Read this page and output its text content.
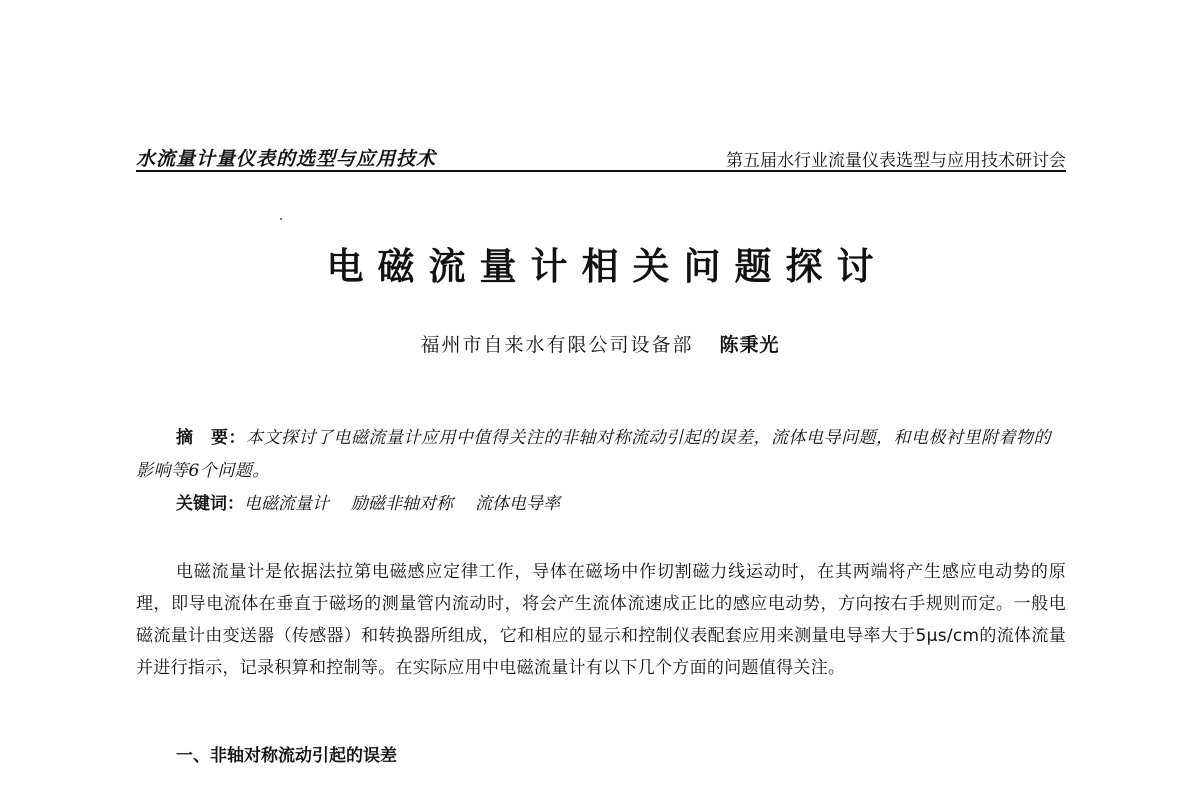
水流量计量仪表的选型与应用技术	第五届水行业流量仪表选型与应用技术研讨会
电磁流量计相关问题探讨
福州市自来水有限公司设备部 陈秉光
摘　要：本文探讨了电磁流量计应用中值得关注的非轴对称流动引起的误差，流体电导问题，和电极衬里附着物的影响等6个问题。
关键词：电磁流量计 励磁非轴对称 流体电导率
电磁流量计是依据法拉第电磁感应定律工作，导体在磁场中作切割磁力线运动时，在其两端将产生感应电动势的原理，即导电流体在垂直于磁场的测量管内流动时，将会产生流体流速成正比的感应电动势，方向按右手规则而定。一般电磁流量计由变送器（传感器）和转换器所组成，它和相应的显示和控制仪表配套应用来测量电导率大于5μs/cm的流体流量并进行指示，记录积算和控制等。在实际应用中电磁流量计有以下几个方面的问题值得关注。
一、非轴对称流动引起的误差
